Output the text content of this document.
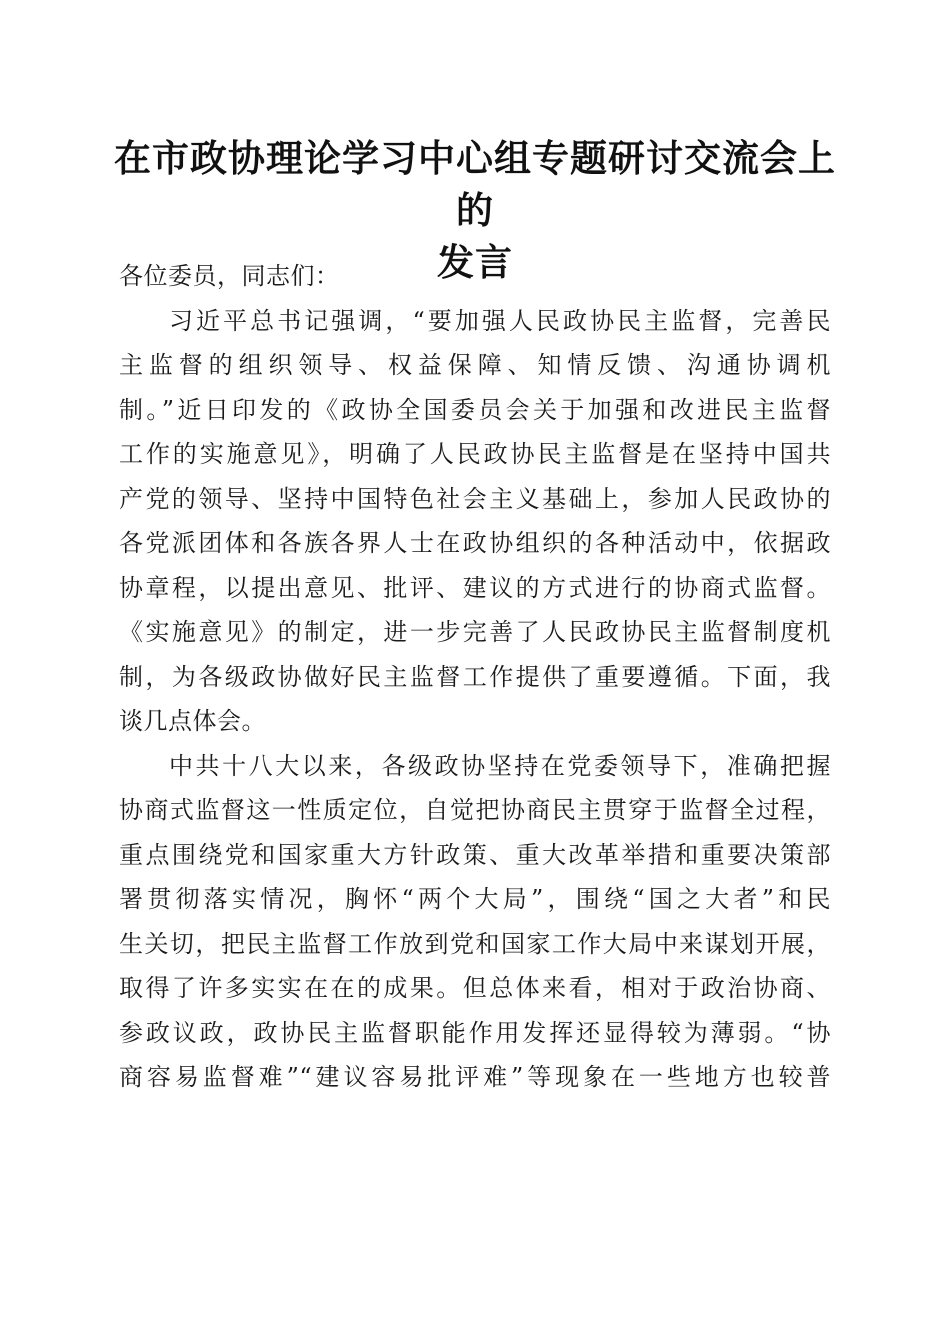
在市政协理论学习中心组专题研讨交流会上的
发言
各位委员，同志们：
习近平总书记强调，“要加强人民政协民主监督，完善民
主监督的组织领导、权益保障、知情反馈、沟通协调机
制。”近日印发的《政协全国委员会关于加强和改进民主监督
工作的实施意见》，明确了人民政协民主监督是在坚持中国共
产党的领导、坚持中国特色社会主义基础上，参加人民政协的
各党派团体和各族各界人士在政协组织的各种活动中，依据政
协章程，以提出意见、批评、建议的方式进行的协商式监督。
《实施意见》的制定，进一步完善了人民政协民主监督制度机
制，为各级政协做好民主监督工作提供了重要遵循。下面，我
谈几点体会。
中共十八大以来，各级政协坚持在党委领导下，准确把握
协商式监督这一性质定位，自觉把协商民主贯穿于监督全过程，
重点围绕党和国家重大方针政策、重大改革举措和重要决策部
署贯彻落实情况，胸怀“两个大局”，围绕“国之大者”和民
生关切，把民主监督工作放到党和国家工作大局中来谋划开展，
取得了许多实实在在的成果。但总体来看，相对于政治协商、
参政议政，政协民主监督职能作用发挥还显得较为薄弱。“协
商容易监督难”“建议容易批评难”等现象在一些地方也较普
